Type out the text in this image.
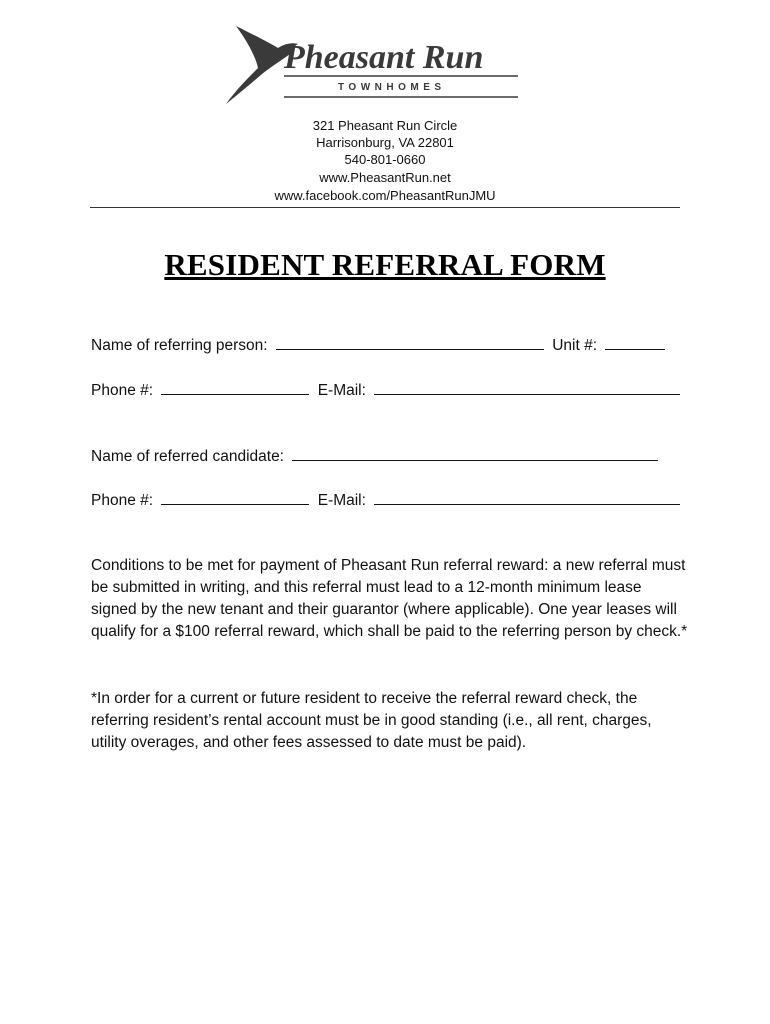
Pheasant Run
TOWNHOMES
321 Pheasant Run Circle
Harrisonburg, VA 22801
540-801-0660
www.PheasantRun.net
www.facebook.com/PheasantRunJMU
RESIDENT REFERRAL FORM
Name of referring person:	Unit #:
Phone #:	E-Mail:
Name of referred candidate:
Phone #:	E-Mail:
Conditions to be met for payment of Pheasant Run referral reward: a new referral must be submitted in writing, and this referral must lead to a 12-month minimum lease signed by the new tenant and their guarantor (where applicable). One year leases will qualify for a $100 referral reward, which shall be paid to the referring person by check.*
*In order for a current or future resident to receive the referral reward check, the referring resident’s rental account must be in good standing (i.e., all rent, charges, utility overages, and other fees assessed to date must be paid).
